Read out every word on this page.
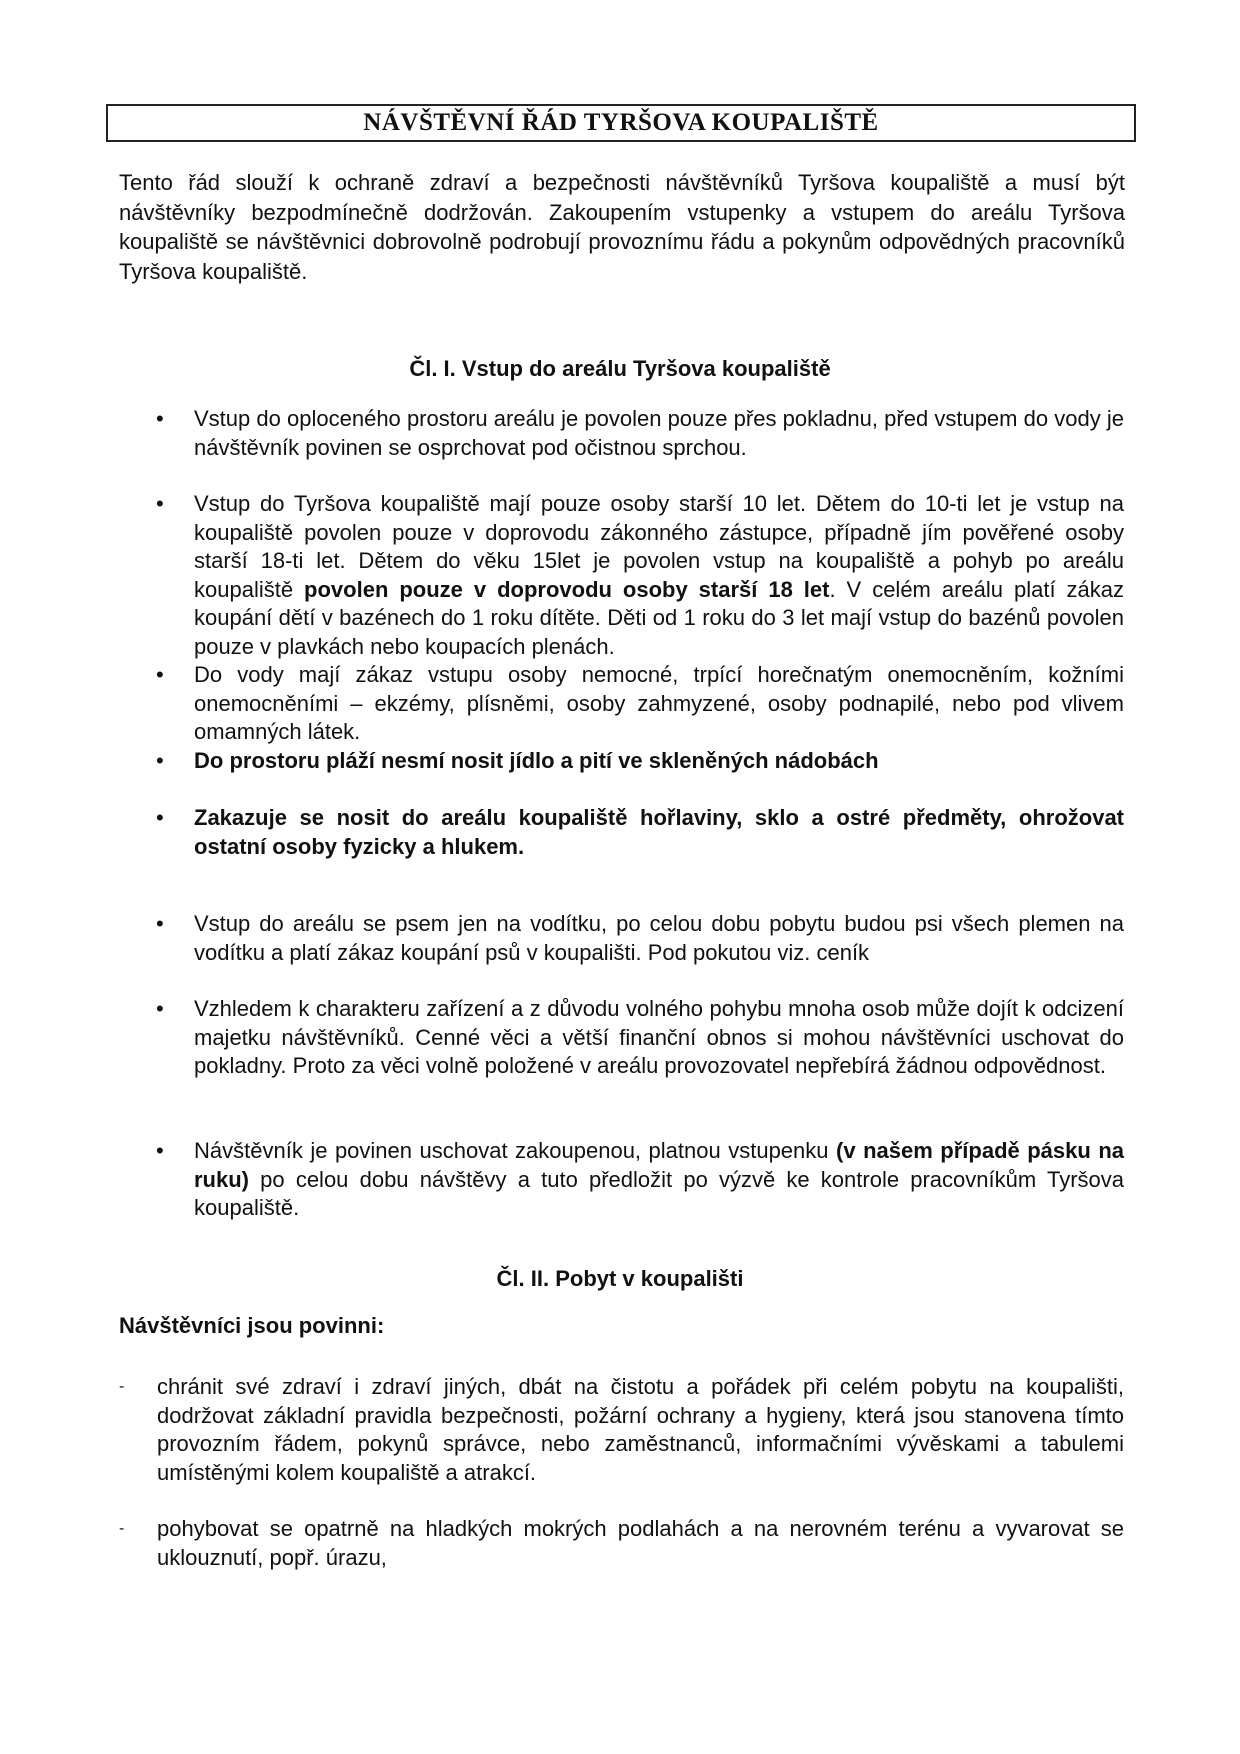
NÁVŠTĚVNÍ ŘÁD TYRŠOVA KOUPALIŠTĚ

Tento řád slouží k ochraně zdraví a bezpečnosti návštěvníků Tyršova koupaliště a musí být návštěvníky bezpodmínečně dodržován. Zakoupením vstupenky a vstupem do areálu Tyršova koupaliště se návštěvnici dobrovolně podrobují provoznímu řádu a pokynům odpovědných pracovníků Tyršova koupaliště.

Čl. I. Vstup do areálu Tyršova koupaliště
• Vstup do oploceného prostoru areálu je povolen pouze přes pokladnu, před vstupem do vody je návštěvník povinen se osprchovat pod očistnou sprchou.

• Vstup do Tyršova koupaliště mají pouze osoby starší 10 let. Dětem do 10-ti let je vstup na koupaliště povolen pouze v doprovodu zákonného zástupce, případně jím pověřené osoby starší 18-ti let. Dětem do věku 15let je povolen vstup na koupaliště a pohyb po areálu koupaliště povolen pouze v doprovodu osoby starší 18 let. V celém areálu platí zákaz koupání dětí v bazénech do 1 roku dítěte. Děti od 1 roku do 3 let mají vstup do bazénů povolen pouze v plavkách nebo koupacích plenách.

• Do vody mají zákaz vstupu osoby nemocné, trpící horečnatým onemocněním, kožními onemocněními – ekzémy, plísněmi, osoby zahmyzené, osoby podnapilé, nebo pod vlivem omamných látek.

• Do prostoru pláží nesmí nosit jídlo a pití ve skleněných nádobách

• Zakazuje se nosit do areálu koupaliště hořlaviny, sklo a ostré předměty, ohrožovat ostatní osoby fyzicky a hlukem.

• Vstup do areálu se psem jen na vodítku, po celou dobu pobytu budou psi všech plemen na vodítku a platí zákaz koupání psů v koupališti. Pod pokutou viz. ceník

• Vzhledem k charakteru zařízení a z důvodu volného pohybu mnoha osob může dojít k odcizení majetku návštěvníků. Cenné věci a větší finanční obnos si mohou návštěvníci uschovat do pokladny. Proto za věci volně položené v areálu provozovatel nepřebírá žádnou odpovědnost.

• Návštěvník je povinen uschovat zakoupenou, platnou vstupenku (v našem případě pásku na ruku) po celou dobu návštěvy a tuto předložit po výzvě ke kontrole pracovníkům Tyršova koupaliště.

Čl. II. Pobyt v koupališti

Návštěvníci jsou povinni:

- chránit své zdraví i zdraví jiných, dbát na čistotu a pořádek při celém pobytu na koupališti, dodržovat základní pravidla bezpečnosti, požární ochrany a hygieny, která jsou stanovena tímto provozním řádem, pokynů správce, nebo zaměstnanců, informačními vývěskami a tabulemi umístěnými kolem koupaliště a atrakcí.

- pohybovat se opatrně na hladkých mokrých podlahách a na nerovném terénu a vyvarovat se uklouznutí, popř. úrazu,
